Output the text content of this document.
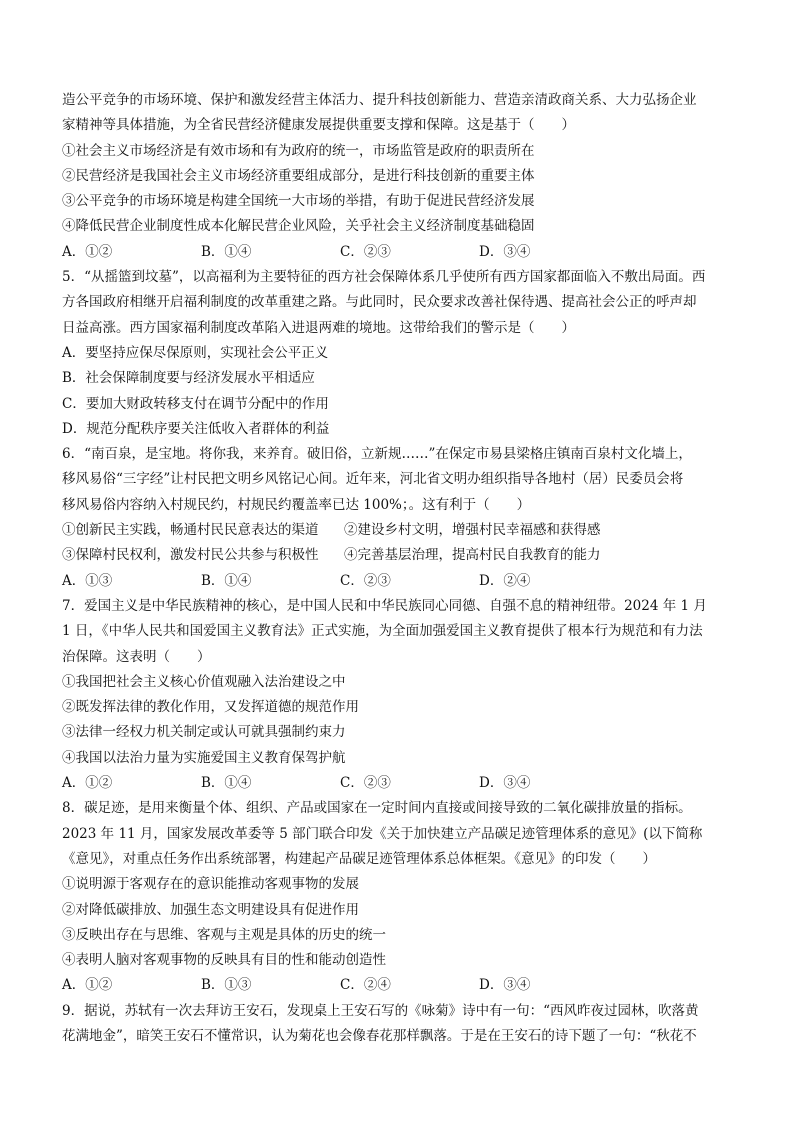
造公平竞争的市场环境、保护和激发经营主体活力、提升科技创新能力、营造亲清政商关系、大力弘扬企业
家精神等具体措施，为全省民营经济健康发展提供重要支撑和保障。这是基于（　　）

①社会主义市场经济是有效市场和有为政府的统一，市场监管是政府的职责所在
②民营经济是我国社会主义市场经济重要组成部分，是进行科技创新的重要主体
③公平竞争的市场环境是构建全国统一大市场的举措，有助于促进民营经济发展
④降低民营企业制度性成本化解民营企业风险，关乎社会主义经济制度基础稳固
A．①②	B．①④	C．②③	D．③④

5．“从摇篮到坟墓”，以高福利为主要特征的西方社会保障体系几乎使所有西方国家都面临入不敷出局面。西
方各国政府相继开启福利制度的改革重建之路。与此同时，民众要求改善社保待遇、提高社会公正的呼声却
日益高涨。西方国家福利制度改革陷入进退两难的境地。这带给我们的警示是（　　）

A．要坚持应保尽保原则，实现社会公平正义
B．社会保障制度要与经济发展水平相适应
C．要加大财政转移支付在调节分配中的作用
D．规范分配秩序要关注低收入者群体的利益

6．“南百泉，是宝地。将你我，来养育。破旧俗，立新规……”在保定市易县梁格庄镇南百泉村文化墙上，
移风易俗“三字经”让村民把文明乡风铭记心间。近年来，河北省文明办组织指导各地村（居）民委员会将
移风易俗内容纳入村规民约，村规民约覆盖率已达 100%；。这有利于（　　）

①创新民主实践，畅通村民民意表达的渠道	②建设乡村文明，增强村民幸福感和获得感
③保障村民权利，激发村民公共参与积极性	④完善基层治理，提高村民自我教育的能力
A．①③	B．①④	C．②③	D．②④

7．爱国主义是中华民族精神的核心，是中国人民和中华民族同心同德、自强不息的精神纽带。2024 年 1 月
1 日，《中华人民共和国爱国主义教育法》正式实施，为全面加强爱国主义教育提供了根本行为规范和有力法
治保障。这表明（　　）

①我国把社会主义核心价值观融入法治建设之中
②既发挥法律的教化作用，又发挥道德的规范作用
③法律一经权力机关制定或认可就具强制约束力
④我国以法治力量为实施爱国主义教育保驾护航
A．①②	B．①④	C．②③	D．③④

8．碳足迹，是用来衡量个体、组织、产品或国家在一定时间内直接或间接导致的二氧化碳排放量的指标。
2023 年 11 月，国家发展改革委等 5 部门联合印发《关于加快建立产品碳足迹管理体系的意见》(以下简称
《意见》，对重点任务作出系统部署，构建起产品碳足迹管理体系总体框架。《意见》的印发（　　）

①说明源于客观存在的意识能推动客观事物的发展
②对降低碳排放、加强生态文明建设具有促进作用
③反映出存在与思维、客观与主观是具体的历史的统一
④表明人脑对客观事物的反映具有目的性和能动创造性
A．①②	B．①③	C．②④	D．③④

9．据说，苏轼有一次去拜访王安石，发现桌上王安石写的《咏菊》诗中有一句：“西风昨夜过园林，吹落黄
花满地金”，暗笑王安石不懂常识，认为菊花也会像春花那样飘落。于是在王安石的诗下题了一句：“秋花不
